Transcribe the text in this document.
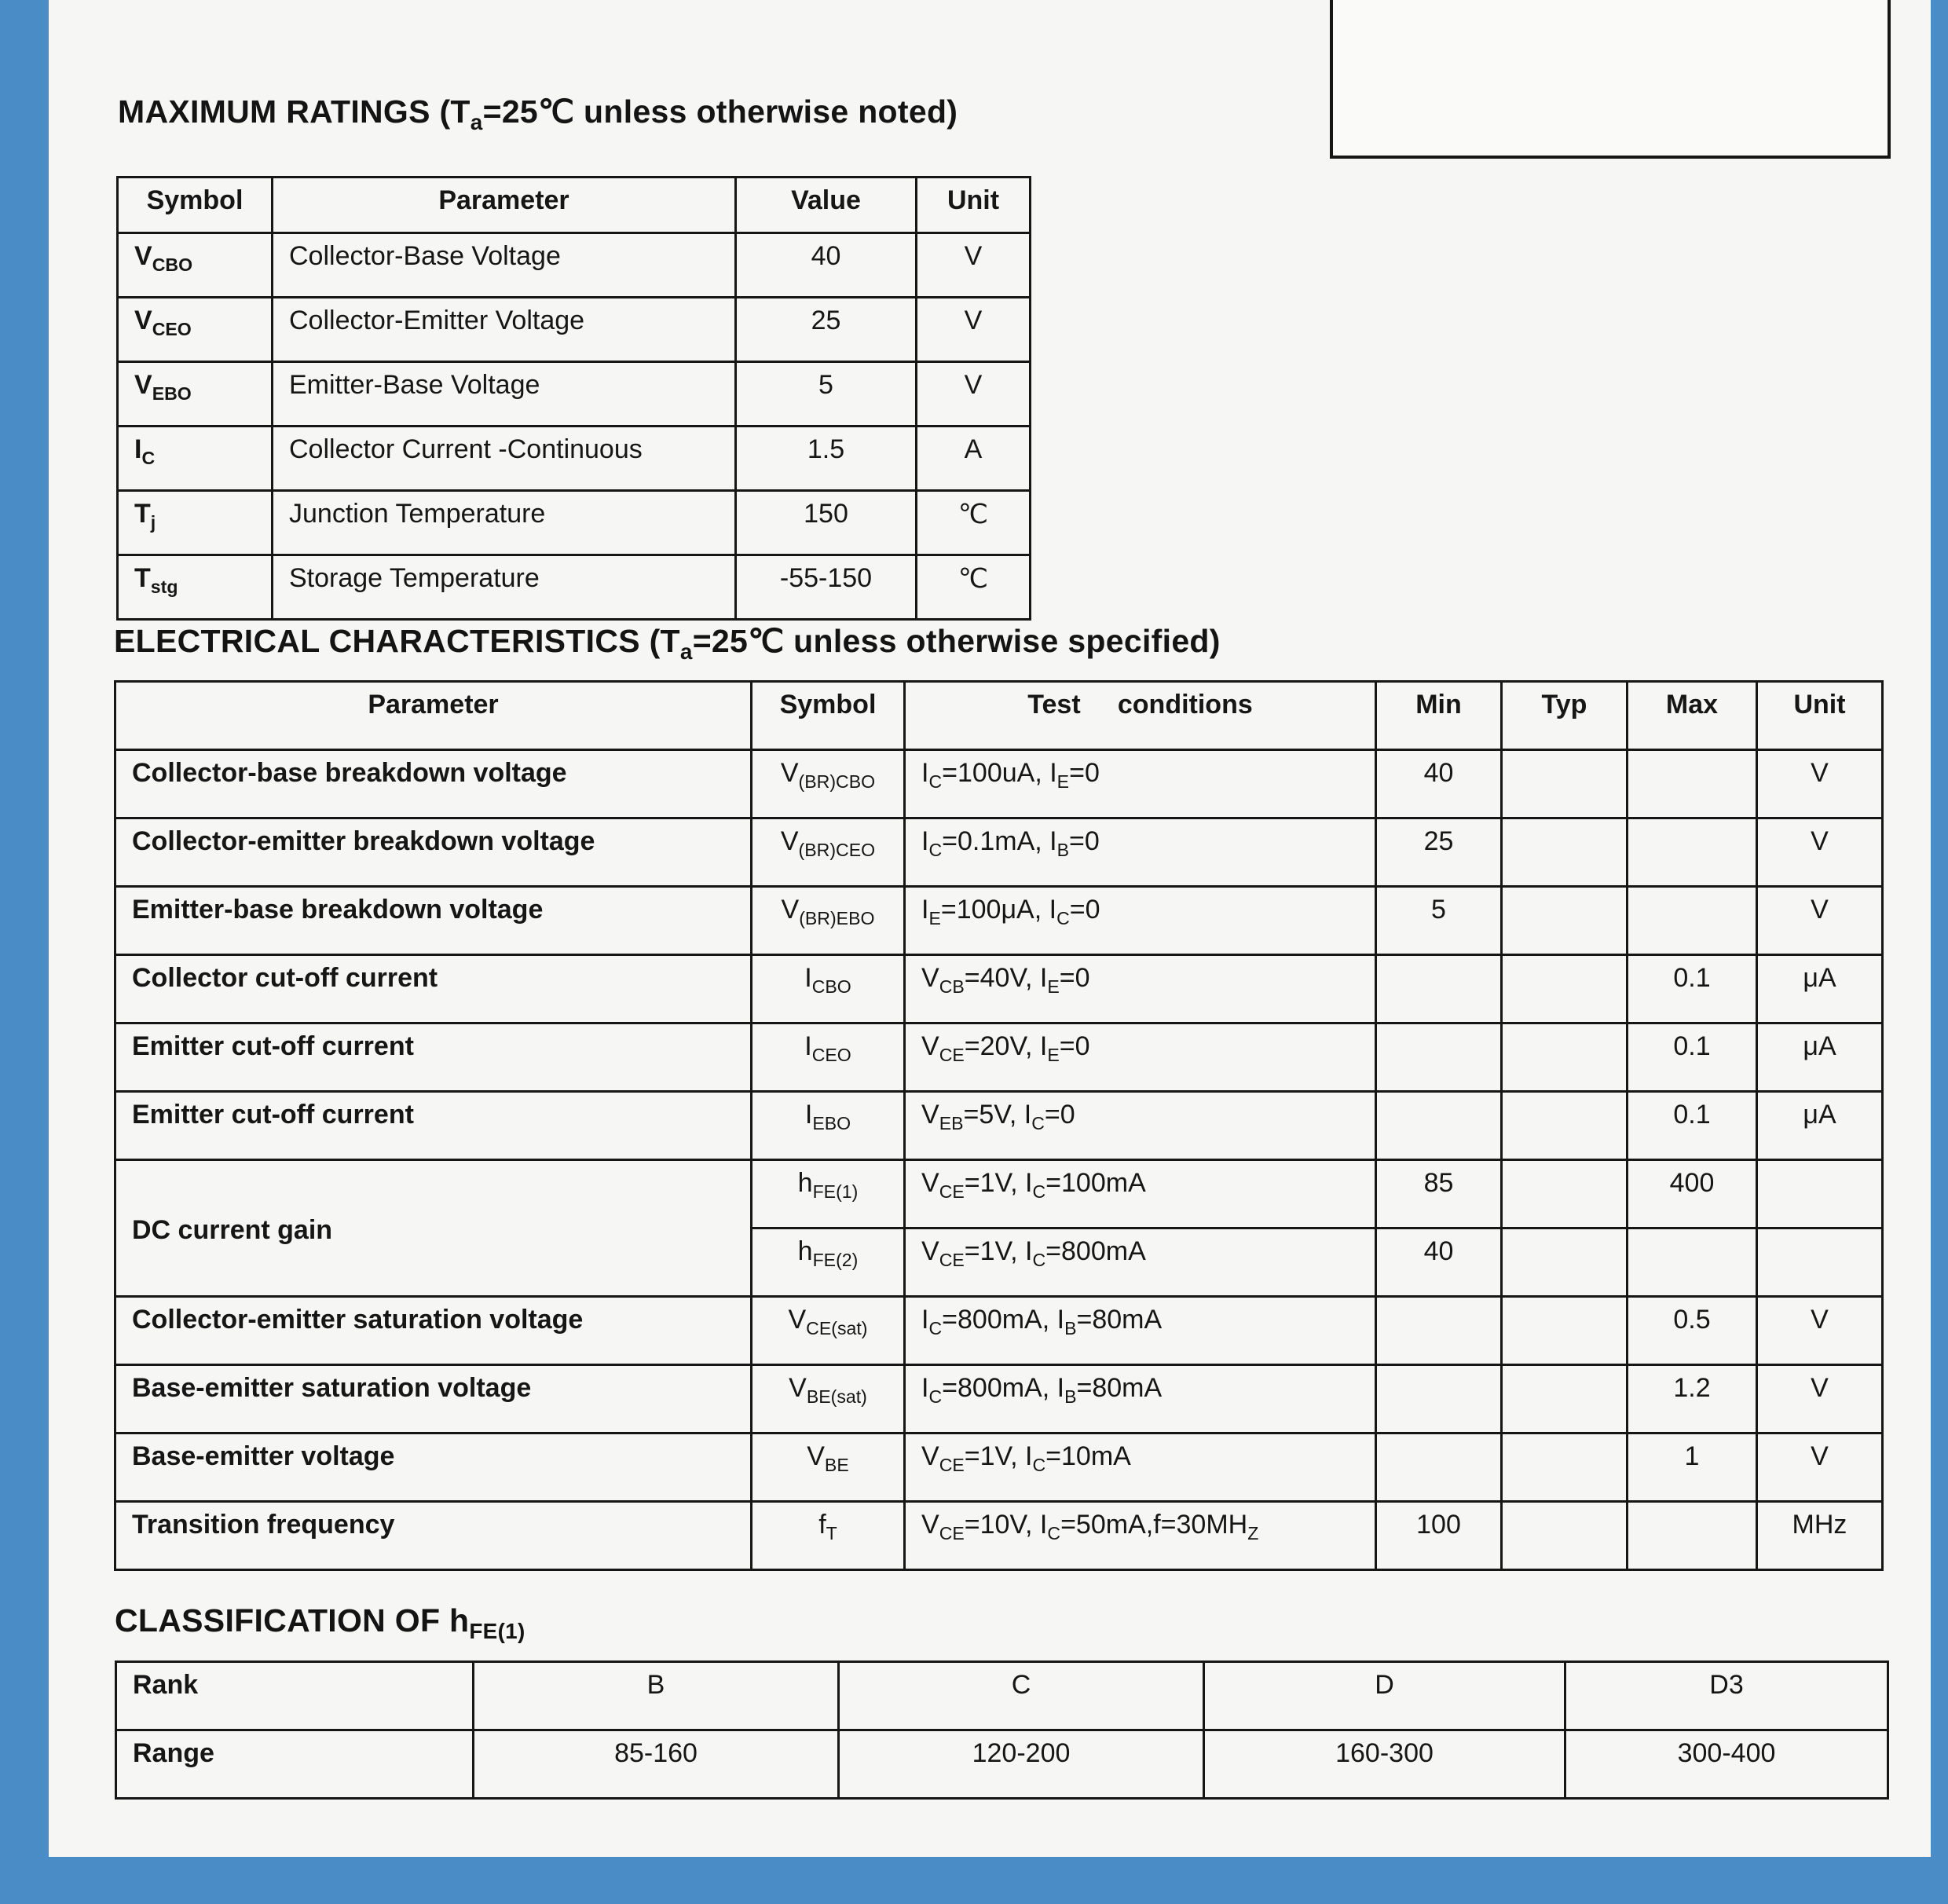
MAXIMUM RATINGS ($T_a=25℃$ unless otherwise noted)
Symbol	Parameter	Value	Unit
$V_{CBO}$	Collector-Base Voltage	40	V
$V_{CEO}$	Collector-Emitter Voltage	25	V
$V_{EBO}$	Emitter-Base Voltage	5	V
$I_C$	Collector Current -Continuous	1.5	A
$T_j$	Junction Temperature	150	℃
$T_{stg}$	Storage Temperature	-55-150	℃
ELECTRICAL CHARACTERISTICS ($T_a=25℃$ unless otherwise specified)
Parameter	Symbol	Test     conditions	Min	Typ	Max	Unit
Collector-base breakdown voltage	$V_{(BR)CBO}$	$I_C=100uA$, $I_E=0$	40			V
Collector-emitter breakdown voltage	$V_{(BR)CEO}$	$I_C=0.1mA$, $I_B=0$	25			V
Emitter-base breakdown voltage	$V_{(BR)EBO}$	$I_E=100\mu A$, $I_C=0$	5			V
Collector cut-off current	$I_{CBO}$	$V_{CB}=40V$, $I_E=0$			0.1	μA
Emitter cut-off current	$I_{CEO}$	$V_{CE}=20V$, $I_E=0$			0.1	μA
Emitter cut-off current	$I_{EBO}$	$V_{EB}=5V$, $I_C=0$			0.1	μA
DC current gain	$h_{FE(1)}$	$V_{CE}=1V$, $I_C=100mA$	85		400	
	$h_{FE(2)}$	$V_{CE}=1V$, $I_C=800mA$	40			
Collector-emitter saturation voltage	$V_{CE(sat)}$	$I_C=800mA$, $I_B=80mA$			0.5	V
Base-emitter saturation voltage	$V_{BE(sat)}$	$I_C=800mA$, $I_B=80mA$			1.2	V
Base-emitter voltage	$V_{BE}$	$V_{CE}=1V$, $I_C=10mA$			1	V
Transition frequency	$f_T$	$V_{CE}=10V$, $I_C=50mA,f=30MH_Z$	100			MHz
CLASSIFICATION OF $h_{FE(1)}$
Rank	B	C	D	D3
Range	85-160	120-200	160-300	300-400
